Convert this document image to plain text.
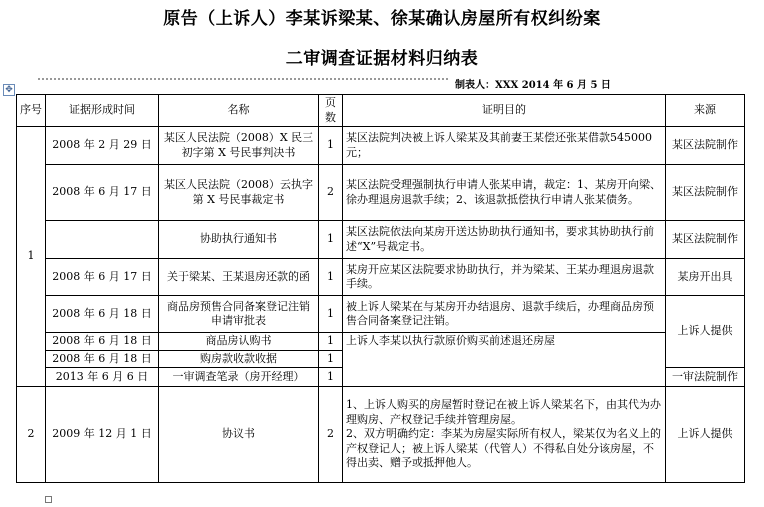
原告（上诉人）李某诉梁某、徐某确认房屋所有权纠纷案
二审调查证据材料归纳表
制表人：XXX 2014 年 6 月 5 日
✥
序号	证据形成时间	名称	页数	证明目的	来源
1	2008 年 2 月 29 日	某区人民法院（2008）X 民三初字第 X 号民事判决书	1	某区法院判决被上诉人梁某及其前妻王某偿还张某借款545000 元；	某区法院制作
	2008 年 6 月 17 日	某区人民法院（2008）云执字第 X 号民事裁定书	2	某区法院受理强制执行申请人张某申请，裁定：1、某房开向梁、徐办理退房退款手续；2、该退款抵偿执行申请人张某债务。	某区法院制作
		协助执行通知书	1	某区法院依法向某房开送达协助执行通知书，要求其协助执行前述“X”号裁定书。	某区法院制作
	2008 年 6 月 17 日	关于梁某、王某退房还款的函	1	某房开应某区法院要求协助执行，并为梁某、王某办理退房退款手续。	某房开出具
	2008 年 6 月 18 日	商品房预售合同备案登记注销申请审批表	1	被上诉人梁某在与某房开办结退房、退款手续后，办理商品房预售合同备案登记注销。	上诉人提供
	2008 年 6 月 18 日	商品房认购书	1	上诉人李某以执行款原价购买前述退还房屋	
	2008 年 6 月 18 日	购房款收款收据	1		
	2013 年 6 月 6 日	一审调查笔录（房开经理）	1		一审法院制作
2	2009 年 12 月 1 日	协议书	2	1、上诉人购买的房屋暂时登记在被上诉人梁某名下，由其代为办理购房、产权登记手续并管理房屋。
2、双方明确约定：李某为房屋实际所有权人，梁某仅为名义上的产权登记人；被上诉人梁某（代管人）不得私自处分该房屋，不得出卖、赠予或抵押他人。	上诉人提供
